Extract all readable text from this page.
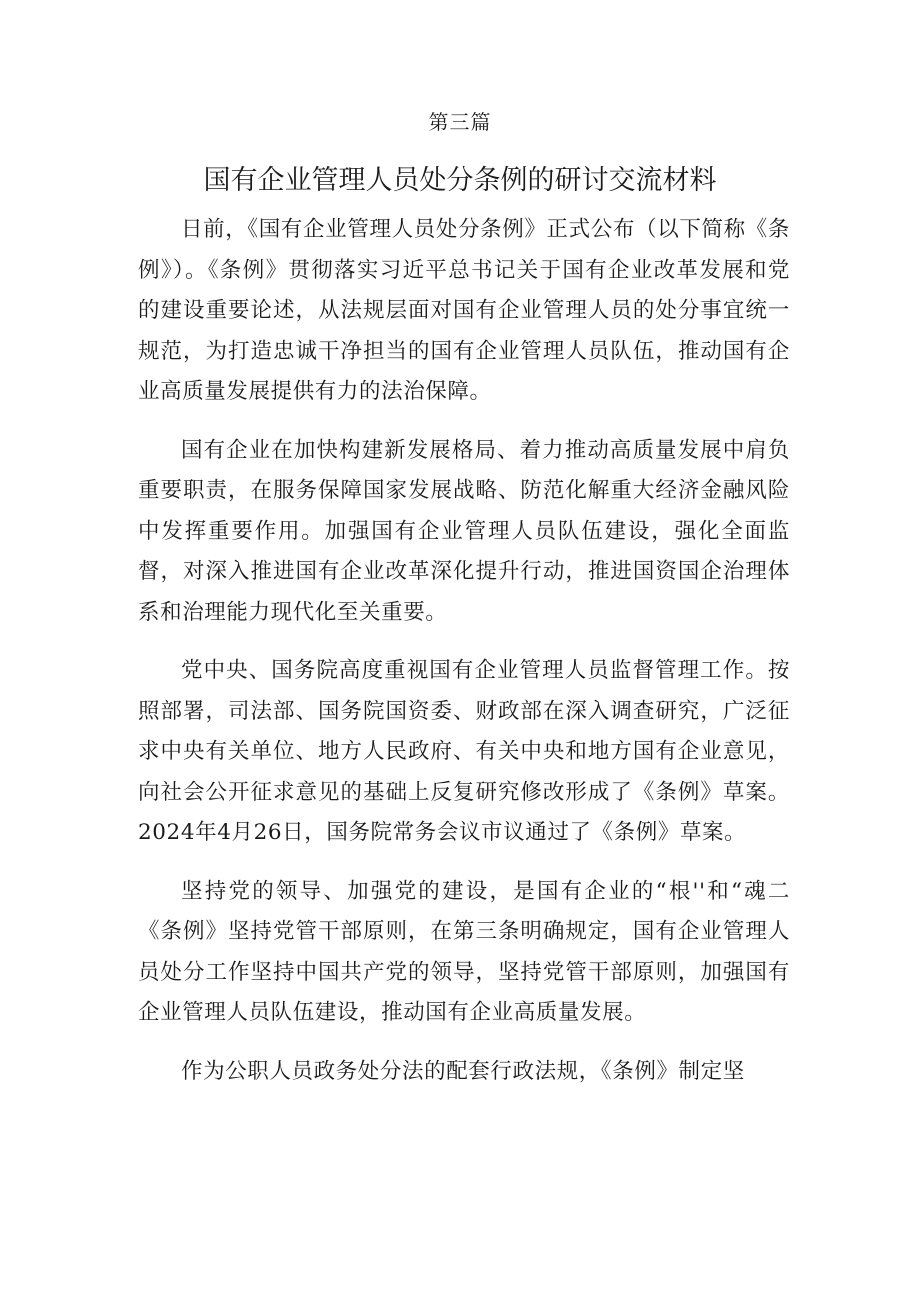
第三篇
国有企业管理人员处分条例的研讨交流材料

日前，《国有企业管理人员处分条例》正式公布（以下简称《条例》）。《条例》贯彻落实习近平总书记关于国有企业改革发展和党的建设重要论述，从法规层面对国有企业管理人员的处分事宜统一规范，为打造忠诚干净担当的国有企业管理人员队伍，推动国有企业高质量发展提供有力的法治保障。

国有企业在加快构建新发展格局、着力推动高质量发展中肩负重要职责，在服务保障国家发展战略、防范化解重大经济金融风险中发挥重要作用。加强国有企业管理人员队伍建设，强化全面监督，对深入推进国有企业改革深化提升行动，推进国资国企治理体系和治理能力现代化至关重要。

党中央、国务院高度重视国有企业管理人员监督管理工作。按照部署，司法部、国务院国资委、财政部在深入调查研究，广泛征求中央有关单位、地方人民政府、有关中央和地方国有企业意见，向社会公开征求意见的基础上反复研究修改形成了《条例》草案。2024年4月26日，国务院常务会议市议通过了《条例》草案。

坚持党的领导、加强党的建设，是国有企业的“根''和“魂二《条例》坚持党管干部原则，在第三条明确规定，国有企业管理人员处分工作坚持中国共产党的领导，坚持党管干部原则，加强国有企业管理人员队伍建设，推动国有企业高质量发展。

作为公职人员政务处分法的配套行政法规，《条例》制定坚
